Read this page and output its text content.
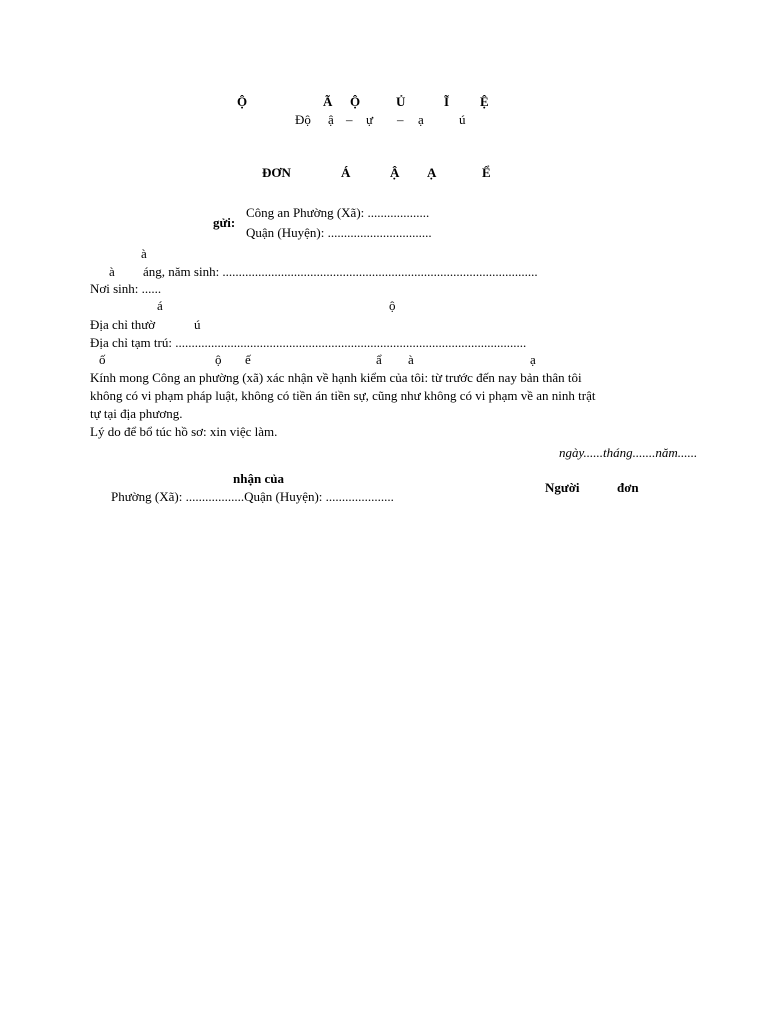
Ộ	Ã Ộ	Ủ	Ĩ Ệ
Độ ậ – ự – ạ	ú
ĐƠN	Á	Ậ Ạ	Ể
gửi:
Công an Phường (Xã): ...................
Quận (Huyện): ................................
à
à áng, năm sinh: .................................................................................................
Nơi sinh: ......
á	ộ
Địa chỉ thườ	ú
Địa chỉ tạm trú: ............................................................................................................
ố	ộ ế	ẩ à	ạ
Kính mong Công an phường (xã) xác nhận về hạnh kiểm của tôi: từ trước đến nay bản thân tôi
không có vi phạm pháp luật, không có tiền án tiền sự, cũng như không có vi phạm về an ninh trật
tự tại địa phương.
Lý do để bổ túc hồ sơ: xin việc làm.
ngày......tháng.......năm......
nhận của
Phường (Xã): ..................Quận (Huyện): .....................
Người	đơn
